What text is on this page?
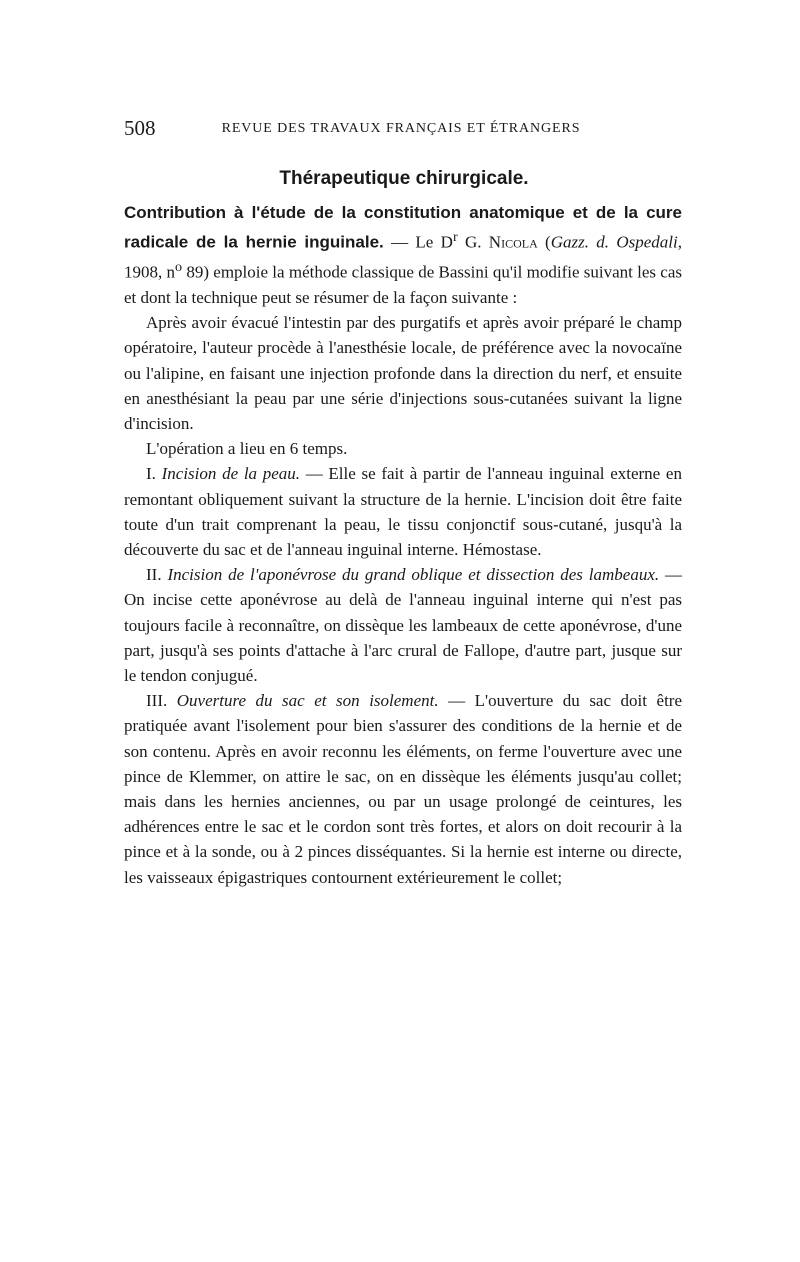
508	REVUE DES TRAVAUX FRANÇAIS ET ÉTRANGERS
Thérapeutique chirurgicale.

Contribution à l'étude de la constitution anatomique et de la cure radicale de la hernie inguinale. — Le $D^r$ G. Nicola (Gazz. d. Ospedali, 1908, $n^o$ 89) emploie la méthode classique de Bassini qu'il modifie suivant les cas et dont la technique peut se résumer de la façon suivante :

Après avoir évacué l'intestin par des purgatifs et après avoir préparé le champ opératoire, l'auteur procède à l'anesthésie locale, de préférence avec la novocaïne ou l'alipine, en faisant une injection profonde dans la direction du nerf, et ensuite en anesthésiant la peau par une série d'injections sous-cutanées suivant la ligne d'incision.

L'opération a lieu en 6 temps.

I. Incision de la peau. — Elle se fait à partir de l'anneau inguinal externe en remontant obliquement suivant la structure de la hernie. L'incision doit être faite toute d'un trait comprenant la peau, le tissu conjonctif sous-cutané, jusqu'à la découverte du sac et de l'anneau inguinal interne. Hémostase.

II. Incision de l'aponévrose du grand oblique et dissection des lambeaux. — On incise cette aponévrose au delà de l'anneau inguinal interne qui n'est pas toujours facile à reconnaître, on dissèque les lambeaux de cette aponévrose, d'une part, jusqu'à ses points d'attache à l'arc crural de Fallope, d'autre part, jusque sur le tendon conjugué.

III. Ouverture du sac et son isolement. — L'ouverture du sac doit être pratiquée avant l'isolement pour bien s'assurer des conditions de la hernie et de son contenu. Après en avoir reconnu les éléments, on ferme l'ouverture avec une pince de Klemmer, on attire le sac, on en dissèque les éléments jusqu'au collet; mais dans les hernies anciennes, ou par un usage prolongé de ceintures, les adhérences entre le sac et le cordon sont très fortes, et alors on doit recourir à la pince et à la sonde, ou à 2 pinces disséquantes. Si la hernie est interne ou directe, les vaisseaux épigastriques contournent extérieurement le collet;
